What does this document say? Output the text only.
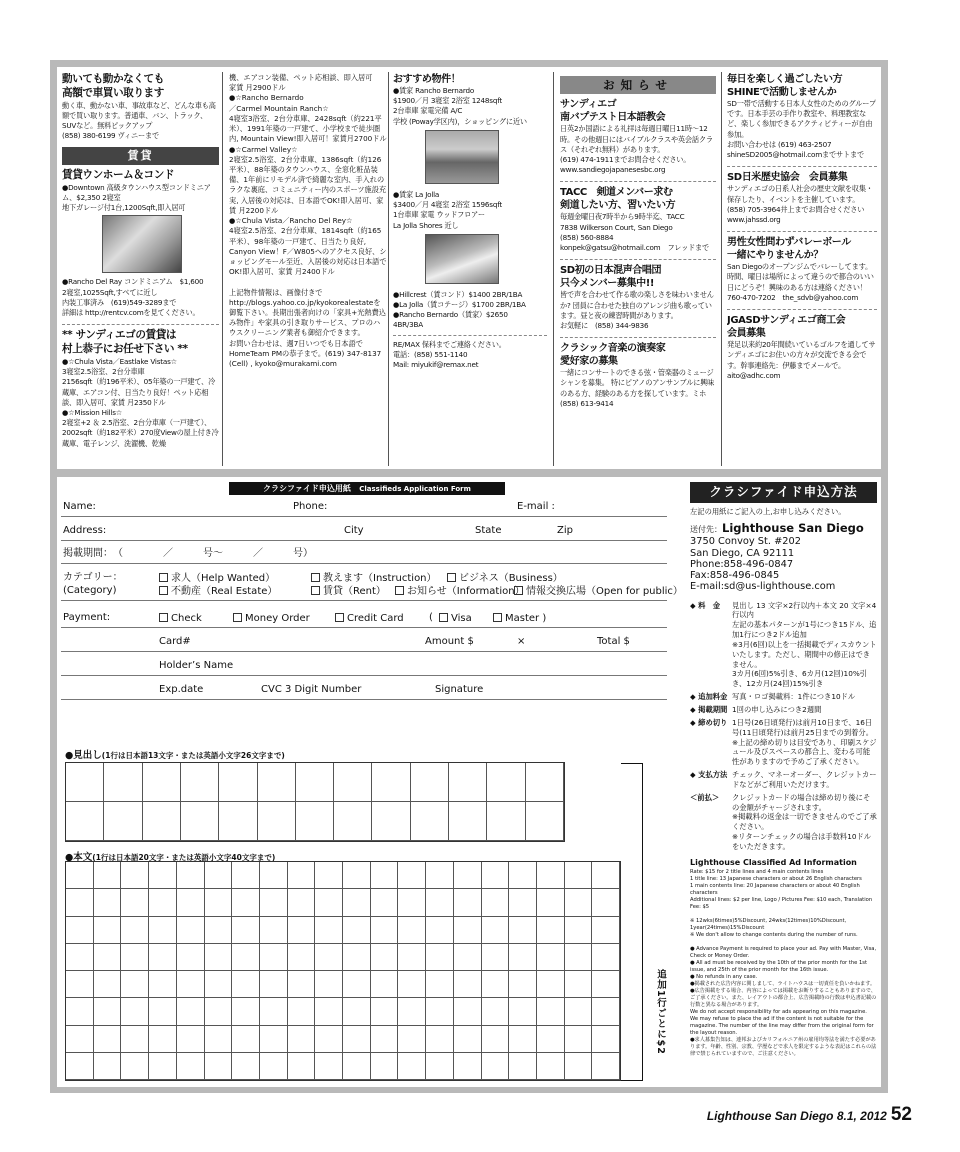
動いても動かなくても
高額で車買い取ります

動く車、動かない車、事故車など、どんな車も高額で買い取ります。普通車、バン、トラック、SUVなど。無料ピックアップ
(858) 380-6199 ヴィニーまで

賃貸
賃貸ウンホーム＆コンド

●Downtown 高級タウンハウス型コンドミニアム、$2,350 2寝室
地下ガレージ付1台,1200Sqft,即入居可

●Rancho Del Ray コンドミニアム　$1,600
2寝室,1025Sqft,すべてに近し
内装工事済み　(619)549-3289まで
詳細は http://rentcv.comを見てください。

** サンディエゴの賃貸は
村上恭子にお任せ下さい **

●☆Chula Vista／Eastlake Vistas☆
3寝室2.5浴室、2台分車庫
2156sqft（約196平米）、05年築の一戸建て、冷蔵庫、エアコン付、日当たり良好！ペット応相談、即入居可、家賃 月2350ドル
●☆Mission Hills☆
2寝室+2 ＆ 2.5浴室、2台分車庫（一戸建て）、2002sqft（約182平米）270度Viewの屋上付き冷蔵庫、電子レンジ、洗濯機、乾燥

機、エアコン装備、ペット応相談、即入居可
家賃 月2900ドル
●☆Rancho Bernardo
／Carmel Mountain Ranch☆
4寝室3浴室、2台分車庫、2428sqft（約221平米）、1991年築の一戸建て、小学校まで徒歩圏内, Mountain View!即入居可！家賃月2700ドル
●☆Carmel Valley☆
2寝室2.5浴室、2台分車庫、1386sqft（約126平米）、88年築のタウンハウス、全窓化粧品装備、1年前にリモデル済で綺麗な室内、手入れのラクな裏庭、コミュニティー内のスポーツ施設充実, 入居後の対応は、日本語でOK!即入居可、家賃 月2200ドル
●☆Chula Vista／Rancho Del Rey☆
4寝室2.5浴室、2台分車庫、1814sqft（約165平米）、98年築の一戸建て、日当たり良好, Canyon View！F／W805へのアクセス良好、ショッピングモール至近、入居後の対応は日本語でOK!即入居可、家賃 月2400ドル

上記物件情報は、画像付きで
http://blogs.yahoo.co.jp/kyokorealestateを御覧下さい。長期出張者向けの「家具+光熱費込み物件」や家具の引き取りサービス、プロのハウスクリーニング業者も御紹介できます。
お問い合わせは、週7日いつでも日本語でHomeTeam PMの恭子まで。(619) 347-8137 (Cell) , kyoko@murakami.com

おすすめ物件！

●賃家 Rancho Bernardo
$1900／月 3寝室 2浴室 1248sqft
2台車庫 家電完備 A/C
学校 (Poway学区内)，ショッピングに近い

●賃家 La Jolla
$3400／月 4寝室 2浴室 1596sqft
1台車庫 家電 ウッドフロアー
La Jolla Shores 近し

●Hillcrest（賃コンド）$1400 2BR/1BA
●La Jolla（賃コテージ）$1700 2BR/1BA
●Rancho Bernardo（賃家）$2650
4BR/3BA

RE/MAX 保科までご連絡ください。
電話：(858) 551-1140
Mail: miyukif@remax.net

お知らせ
サンディエゴ
南バプテスト日本語教会

日英2か国語による礼拝は毎週日曜日11時～12時。その他週日にはバイブルクラスや英会話クラス（それぞれ無料）があります。
(619) 474-1911までお問合せください。
www.sandiegojapanesesbc.org

TACC　剣道メンバー求む
剣道したい方、習いたい方

毎週金曜日夜7時半から9時半迄、TACC
7838 Wilkerson Court, San Diego
(858) 560-8884
konpek@gatsu@hotmail.com　フレッドまで

SD初の日本混声合唱団
只今メンバー募集中!!

皆で声を合わせて作る歌の楽しさを味わいませんか? 団員に合わせた独自のアレンジ曲も歌っています。昼と夜の練習時間があります。
お気軽に　(858) 344-9836

クラシック音楽の演奏家
愛好家の募集

一緒にコンサートのできる弦・管楽器のミュージシャンを募集。 特にピアノのアンサンブルに興味のある方、経験のある方を探しています。ミホ　(858) 613-9414

毎日を楽しく過ごしたい方
SHINEで活動しませんか

SD一帯で活動する日本人女性のためのグループです。日本手芸の手作り教室や、料理教室など、楽しく参加できるアクティビティーが自由参加。
お問い合わせは (619) 463-2507
shineSD2005@hotmail.comまでサトまで

SD日米歴史協会　会員募集

サンディエゴの日系人社会の歴史文献を収集・保存したり、イベントを主催しています。
(858) 705-3964井上までお問合せください
www.jahssd.org

男性女性問わずバレーボール
一緒にやりませんか？

San Diegoのオープンジムでバレーしてます。時間、曜日は場所によって違うので都合のいい日にどうぞ！興味のある方は連絡ください！
760-470-7202　the_sdvb@yahoo.com

JGASDサンディエゴ商工会
会員募集

発足以来約20年間続いているゴルフを通してサンディエゴにお住いの方々が交流できる会です。幹事連絡先：伊藤までメールで。
aito@adhc.com

クラシファイド申込用紙 Classifieds Application Form
Name:	Phone:	E-mail :
Address:	City	State	Zip
掲載期間：　（　　　　／　　　号～　　　／　　　号）
カテゴリー：
(Category)
求人（Help Wanted）	教えます（Instruction）	ビジネス（Business）
不動産（Real Estate）	賃貸（Rent）	お知らせ（Information） 情報交換広場（Open for public）
Payment:	Check	Money Order	Credit Card	(	Visa	Master )
Card#	Amount $	×	Total $
Holder’s Name
Exp.date	CVC 3 Digit Number	Signature
●見出し(1行は日本語13文字・または英語小文字26文字まで)
●本文(1行は日本語20文字・または英語小文字40文字まで)
追加1行ごとに$2
クラシファイド申込方法
左記の用紙にご記入の上,お申し込みください。
送付先：Lighthouse San Diego
3750 Convoy St. #202
San Diego, CA 92111
Phone:858-496-0847
Fax:858-496-0845
E-mail:sd@us-lighthouse.com
◆ 料　金	見出し 13 文字×2行以内＋本文 20 文字×4行以内
左記の基本パターンが1号につき15ドル、追加1行につき2ドル追加
※3月(6回)以上を一括掲載でディスカウントいたします。ただし、期間中の修正はできません。
3カ月(6回)5%引き、6カ月(12回)10%引き、12カ月(24回)15%引き
◆ 追加料金 写真・ロゴ掲載料：1件につき10ドル
◆ 掲載期間 1回の申し込みにつき2週間
◆ 締め切り 1日号(26日頃発行)は前月10日まで、16日号(11日頃発行)は前月25日までの到着分。
※上記の締め切りは目安であり、印刷スケジュール及びスペースの都合上、変わる可能性がありますので予めご了承ください。
◆ 支払方法 チェック、マネーオーダー、クレジットカードなどがご利用いただけます。
＜前払＞	クレジットカードの場合は締め切り後にその金額がチャージされます。
※掲載料の返金は一切できませんのでご了承ください。
※リターンチェックの場合は手数料10ドルをいただきます。
Lighthouse Classified Ad Information
Rate: $15 for 2 title lines and 4 main contents lines
1 title line: 13 Japanese characters or about 26 English characters
1 main contents line: 20 Japanese characters or about 40 English characters
Additional lines: $2 per line, Logo / Pictures Fee: $10 each, Translation Fee: $5

※ 12wks(6times)5%Discount, 24wks(12times)10%Discount,
1year(24times)15%Discount
※ We don't allow to change contents during the number of runs.

● Advance Payment is required to place your ad. Pay with Master, Visa, Check or Money Order.
● All ad must be received by the 10th of the prior month for the 1st issue, and 25th of the prior month for the 16th issue.
● No refunds in any case.
●掲載された広告内容に関しまして、ライトハウスは一切責任を負いかねます。
●広告掲載をする場合、内容によっては掲載をお断りすることもありますので、ご了承ください。また、レイアウトの都合上、広告掲載時の行数は申込書記載の行数と異なる場合があります。
We do not accept responsibility for ads appearing on this magazine.
We may refuse to place the ad if the content is not suitable for the magazine. The number of the line may differ from the original form for the layout reason.
●求人募集告知は、連邦およびカリフォルニア州の雇用均等法を満たす必要があります。年齢、性別、宗教、学歴などで求人を限定するような表記はこれらの法律で禁じられていますので、ご注意ください。
Lighthouse San Diego 8.1, 2012 52
